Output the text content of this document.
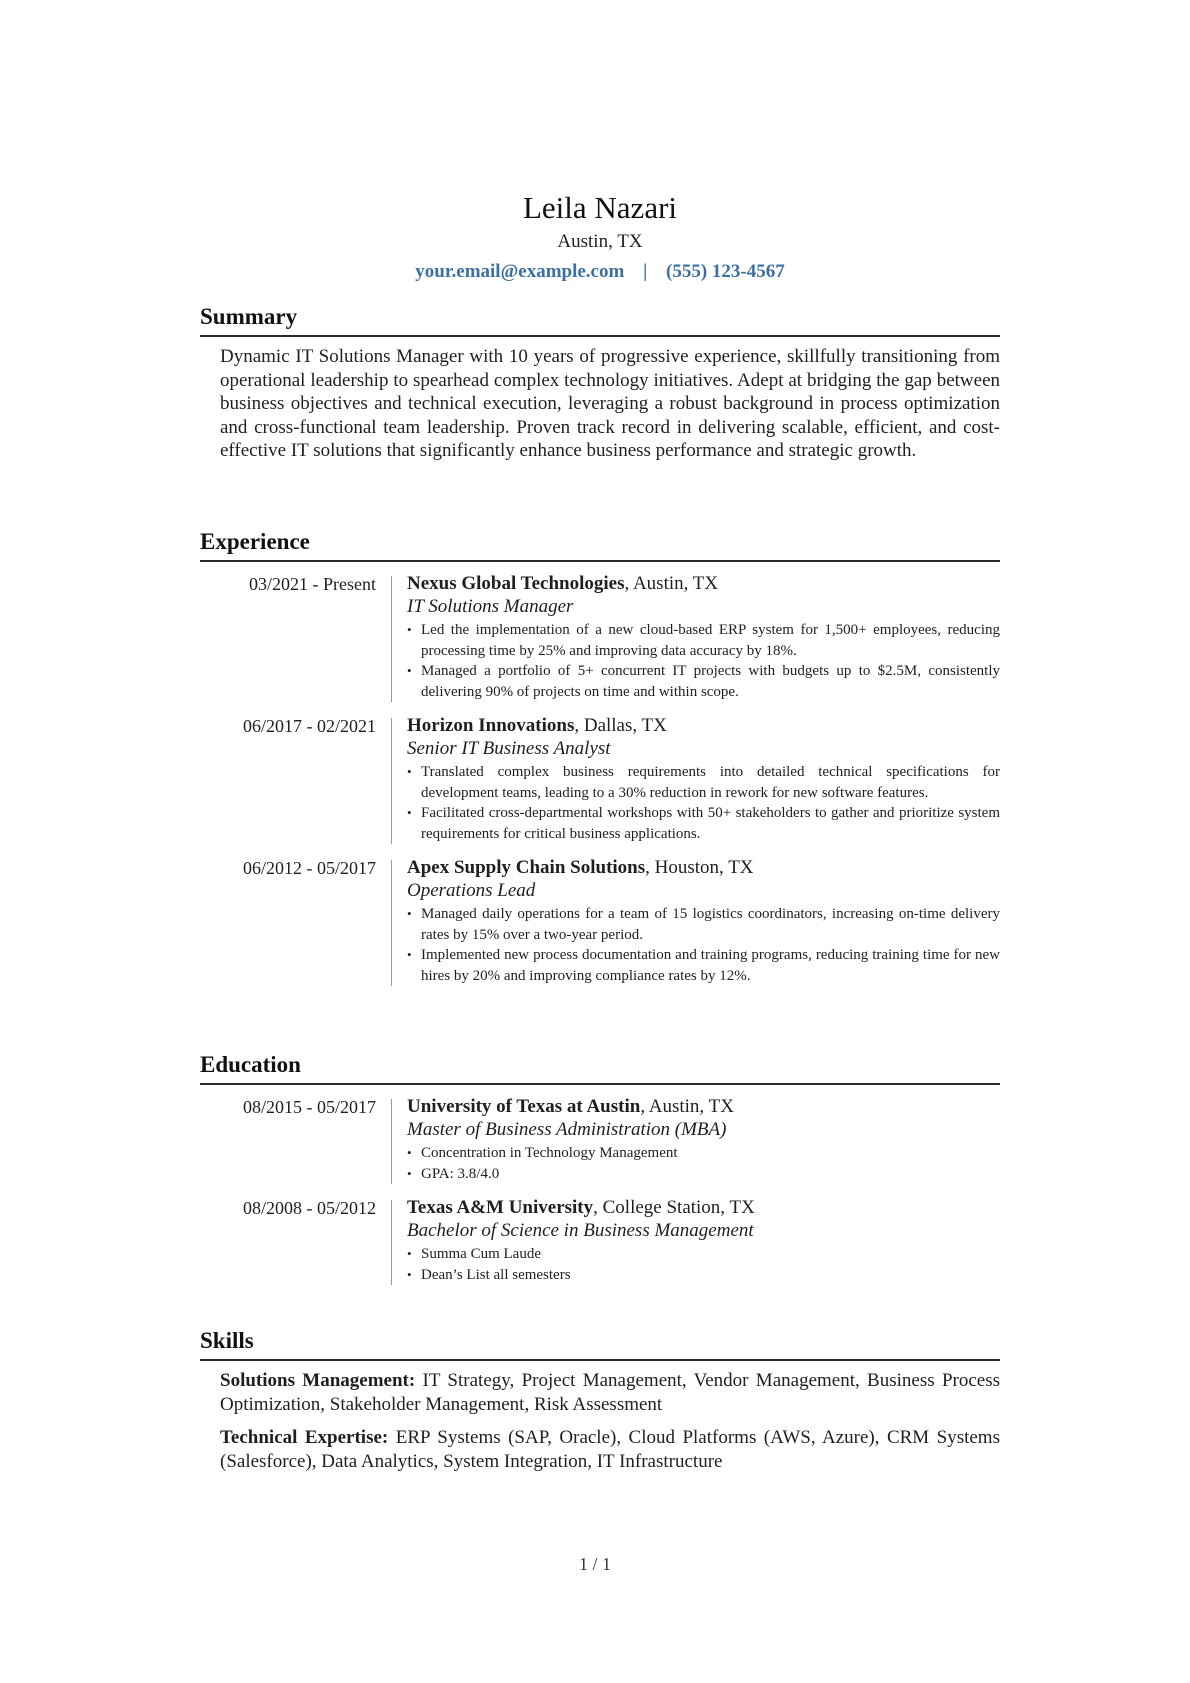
Leila Nazari
Austin, TX
your.email@example.com | (555) 123-4567
Summary

Dynamic IT Solutions Manager with 10 years of progressive experience, skillfully transitioning from operational leadership to spearhead complex technology initiatives. Adept at bridging the gap between business objectives and technical execution, leveraging a robust background in process optimization and cross-functional team leadership. Proven track record in delivering scalable, efficient, and cost-effective IT solutions that significantly enhance business performance and strategic growth.

Experience
03/2021 - Present Nexus Global Technologies, Austin, TX
IT Solutions Manager
• Led the implementation of a new cloud-based ERP system for 1,500+ employees, reducing processing time by 25% and improving data accuracy by 18%.
• Managed a portfolio of 5+ concurrent IT projects with budgets up to $2.5M, consistently delivering 90% of projects on time and within scope.
06/2017 - 02/2021 Horizon Innovations, Dallas, TX
Senior IT Business Analyst
• Translated complex business requirements into detailed technical specifications for development teams, leading to a 30% reduction in rework for new software features.
• Facilitated cross-departmental workshops with 50+ stakeholders to gather and prioritize system requirements for critical business applications.
06/2012 - 05/2017 Apex Supply Chain Solutions, Houston, TX
Operations Lead
• Managed daily operations for a team of 15 logistics coordinators, increasing on-time delivery rates by 15% over a two-year period.
• Implemented new process documentation and training programs, reducing training time for new hires by 20% and improving compliance rates by 12%.
Education
08/2015 - 05/2017 University of Texas at Austin, Austin, TX
Master of Business Administration (MBA)
• Concentration in Technology Management
• GPA: 3.8/4.0
08/2008 - 05/2012 Texas A&M University, College Station, TX
Bachelor of Science in Business Management
• Summa Cum Laude
• Dean’s List all semesters
Skills

Solutions Management: IT Strategy, Project Management, Vendor Management, Business Process Optimization, Stakeholder Management, Risk Assessment

Technical Expertise: ERP Systems (SAP, Oracle), Cloud Platforms (AWS, Azure), CRM Systems (Salesforce), Data Analytics, System Integration, IT Infrastructure

1 / 1
